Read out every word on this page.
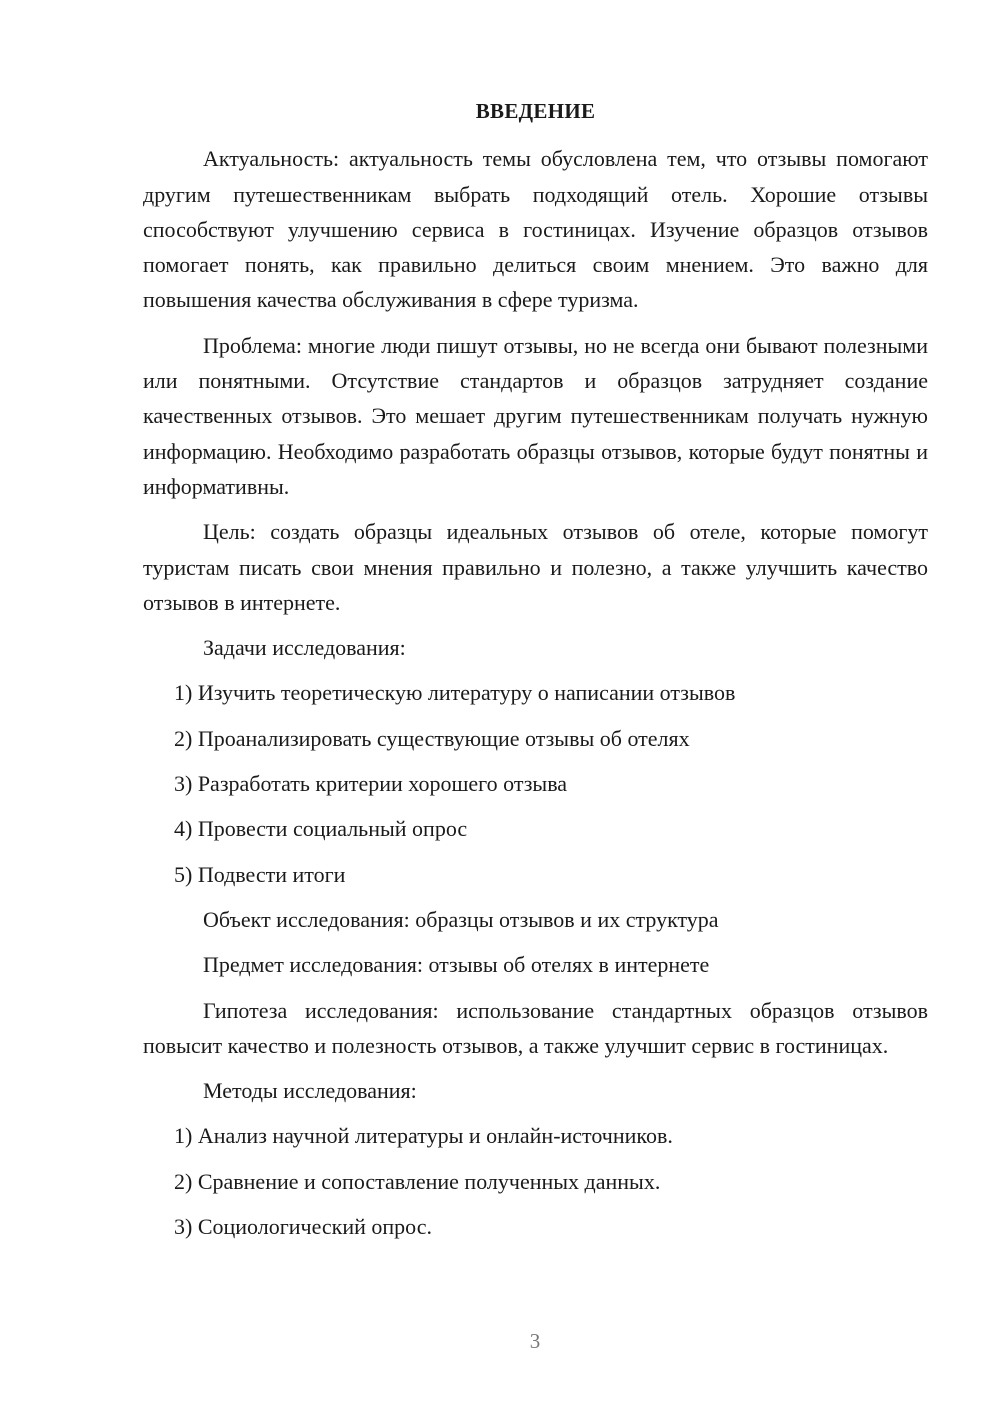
ВВЕДЕНИЕ

Актуальность: актуальность темы обусловлена тем, что отзывы помогают другим путешественникам выбрать подходящий отель. Хорошие отзывы способствуют улучшению сервиса в гостиницах. Изучение образцов отзывов помогает понять, как правильно делиться своим мнением. Это важно для повышения качества обслуживания в сфере туризма.

Проблема: многие люди пишут отзывы, но не всегда они бывают полезными или понятными. Отсутствие стандартов и образцов затрудняет создание качественных отзывов. Это мешает другим путешественникам получать нужную информацию. Необходимо разработать образцы отзывов, которые будут понятны и информативны.

Цель: создать образцы идеальных отзывов об отеле, которые помогут туристам писать свои мнения правильно и полезно, а также улучшить качество отзывов в интернете.

Задачи исследования:
1) Изучить теоретическую литературу о написании отзывов
2) Проанализировать существующие отзывы об отелях
3) Разработать критерии хорошего отзыва
4) Провести социальный опрос
5) Подвести итоги
Объект исследования: образцы отзывов и их структура
Предмет исследования: отзывы об отелях в интернете

Гипотеза исследования: использование стандартных образцов отзывов повысит качество и полезность отзывов, а также улучшит сервис в гостиницах.

Методы исследования:
1) Анализ научной литературы и онлайн-источников.
2) Сравнение и сопоставление полученных данных.
3) Социологический опрос.
3
